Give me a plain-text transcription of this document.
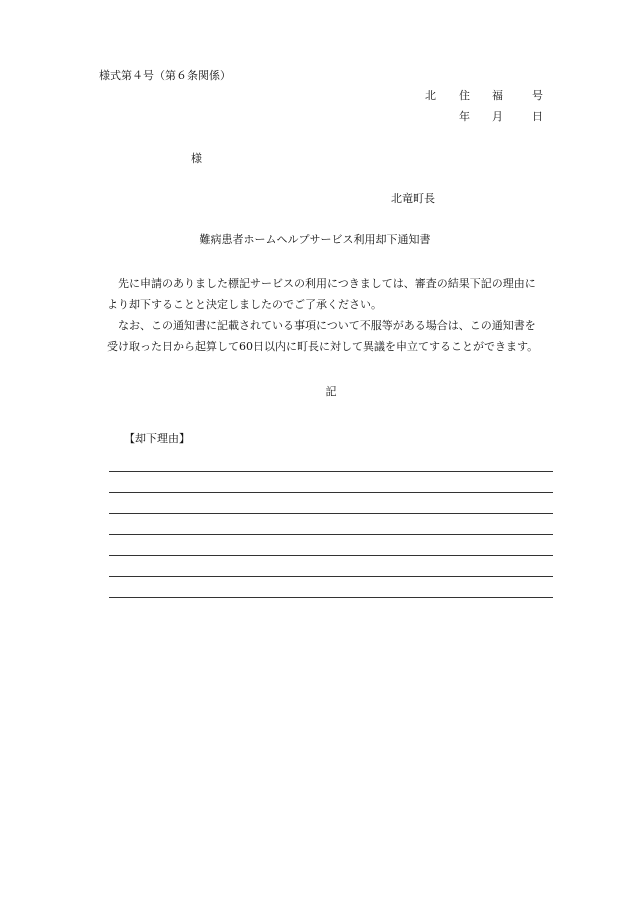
様式第４号（第６条関係）
北 住 福	号
年 月	日
様
北竜町長
難病患者ホームヘルプサービス利用却下通知書
先に申請のありました標記サービスの利用につきましては、審査の結果下記の理由に
より却下することと決定しましたのでご了承ください。
なお、この通知書に記載されている事項について不服等がある場合は、この通知書を
受け取った日から起算して60日以内に町長に対して異議を申立てすることができます。
記
【却下理由】
